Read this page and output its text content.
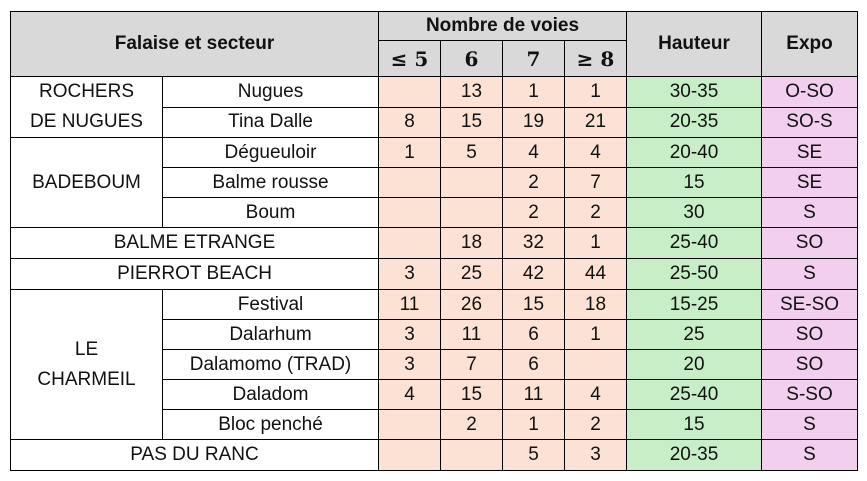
Falaise et secteur		Nombre de voies				Hauteur	Expo
		≤ 5	6	7	≥ 8		
ROCHERS DE NUGUES	Nugues		13	1	1	30-35	O-SO
	Tina Dalle	8	15	19	21	20-35	SO-S
BADEBOUM	Dégueuloir	1	5	4	4	20-40	SE
	Balme rousse			2	7	15	SE
	Boum			2	2	30	S
BALME ETRANGE			18	32	1	25-40	SO
PIERROT BEACH		3	25	42	44	25-50	S
LE CHARMEIL	Festival	11	26	15	18	15-25	SE-SO
	Dalarhum	3	11	6	1	25	SO
	Dalamomo (TRAD)	3	7	6		20	SO
	Daladom	4	15	11	4	25-40	S-SO
	Bloc penché		2	1	2	15	S
PAS DU RANC				5	3	20-35	S
